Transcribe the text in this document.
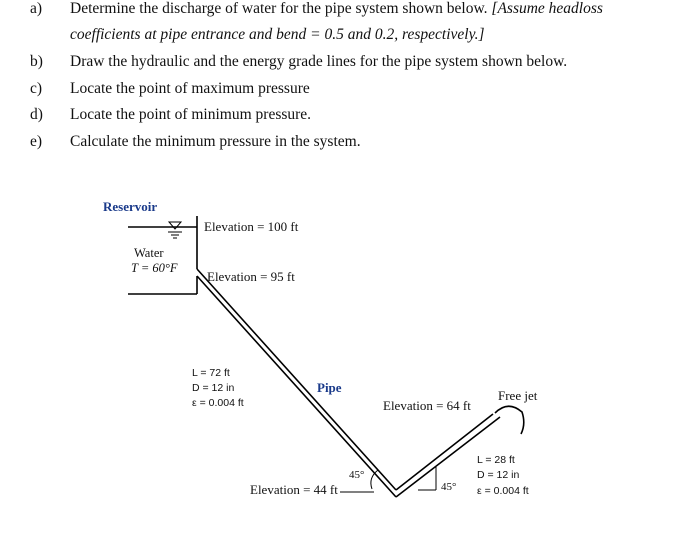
a) Determine the discharge of water for the pipe system shown below. [Assume headloss
coefficients at pipe entrance and bend = 0.5 and 0.2, respectively.]
b) Draw the hydraulic and the energy grade lines for the pipe system shown below.
c) Locate the point of maximum pressure
d) Locate the point of minimum pressure.
e) Calculate the minimum pressure in the system.
Reservoir
Elevation = 100 ft
Water
T = 60°F
Elevation = 95 ft
L = 72 ft
D = 12 in
ε = 0.004 ft
Pipe
Elevation = 64 ft
Free jet
L = 28 ft
D = 12 in
ε = 0.004 ft
45°
45°
Elevation = 44 ft
